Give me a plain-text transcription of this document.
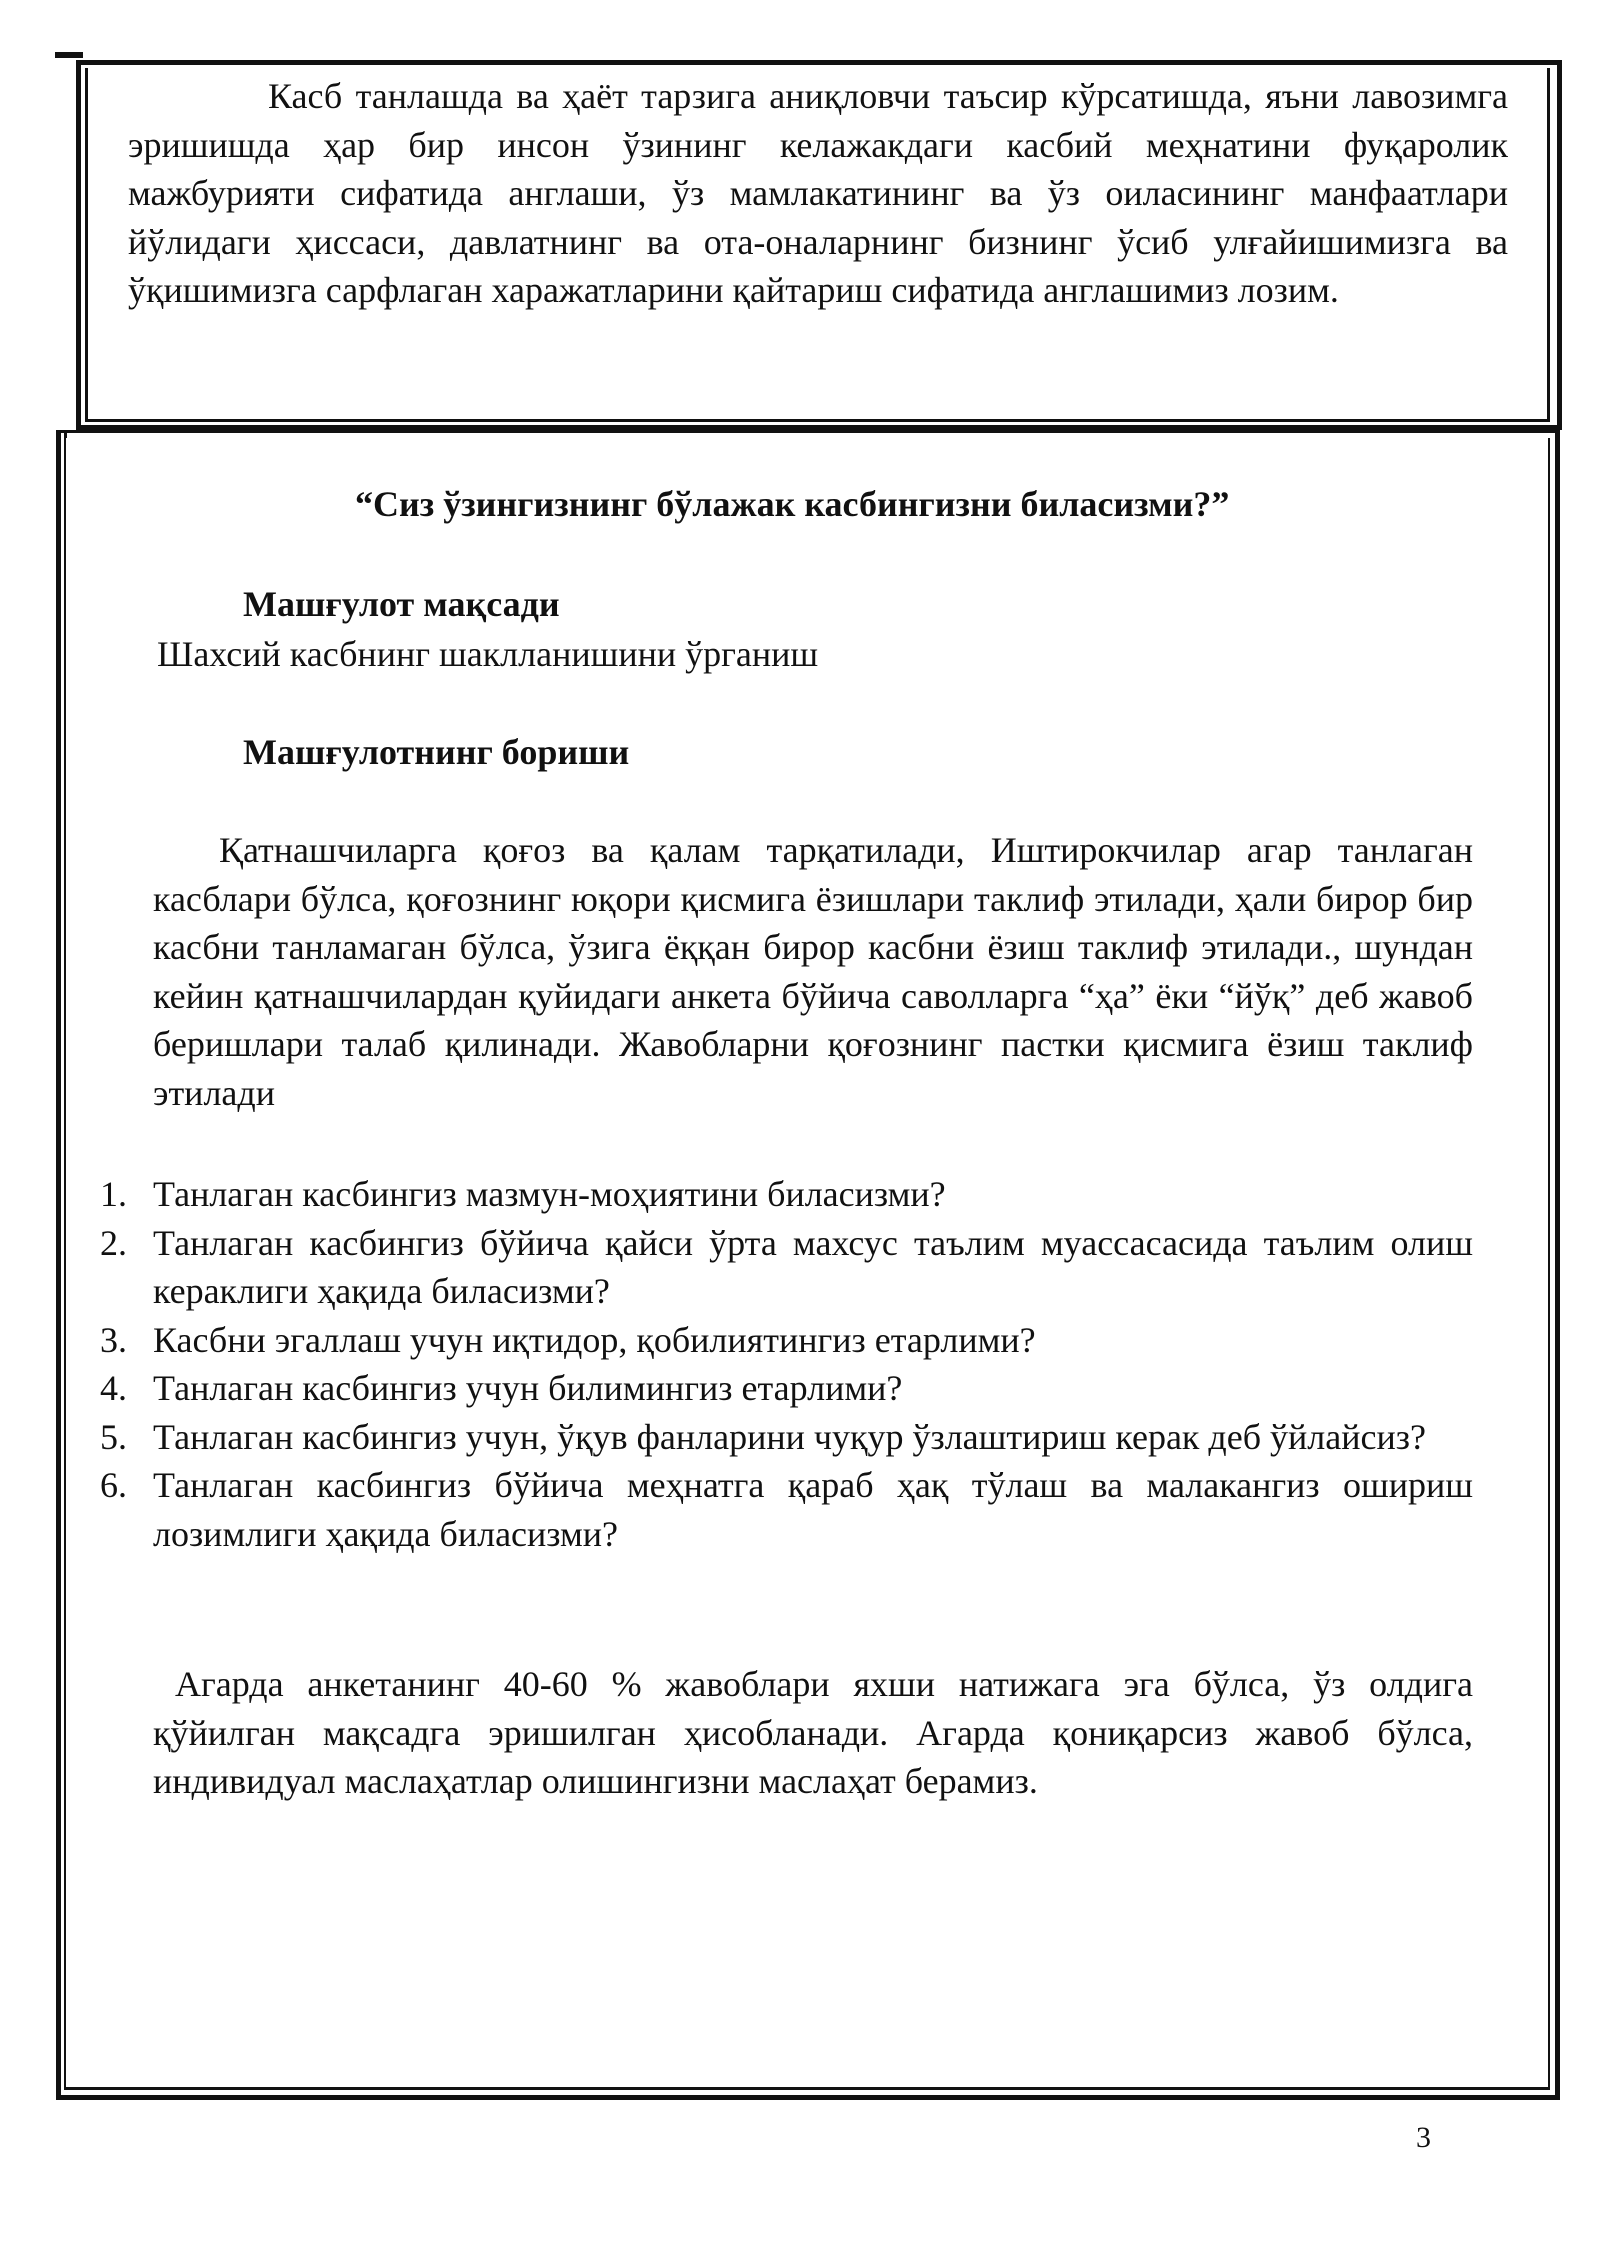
Касб танлашда ва ҳаёт тарзига аниқловчи таъсир кўрсатишда, яъни лавозимга эришишда ҳар бир инсон ўзининг келажакдаги касбий меҳнатини фуқаролик мажбурияти сифатида англаши, ўз мамлакатининг ва ўз оиласининг манфаатлари йўлидаги ҳиссаси, давлатнинг ва ота-оналарнинг бизнинг ўсиб улғайишимизга ва ўқишимизга сарфлаган харажатларини қайтариш сифатида англашимиз лозим.

“Сиз ўзингизнинг бўлажак касбингизни биласизми?”
Машғулот мақсади
Шахсий касбнинг шаклланишини ўрганиш
Машғулотнинг бориши

Қатнашчиларга қоғоз ва қалам тарқатилади, Иштирокчилар агар танлаган касблари бўлса, қоғознинг юқори қисмига ёзишлари таклиф этилади, ҳали бирор бир касбни танламаган бўлса, ўзига ёққан бирор касбни ёзиш таклиф этилади., шундан кейин қатнашчилардан қуйидаги анкета бўйича саволларга “ҳа” ёки “йўқ” деб жавоб беришлари талаб қилинади. Жавобларни қоғознинг пастки қисмига ёзиш таклиф этилади

1. Танлаган касбингиз мазмун-моҳиятини биласизми?
2. Танлаган касбингиз бўйича қайси ўрта махсус таълим муассасасида таълим олиш кераклиги ҳақида биласизми?
3. Касбни эгаллаш учун иқтидор, қобилиятингиз етарлими?
4. Танлаган касбингиз учун билимингиз етарлими?
5. Танлаган касбингиз учун, ўқув фанларини чуқур ўзлаштириш керак деб ўйлайсиз?
6. Танлаган касбингиз бўйича меҳнатга қараб ҳақ тўлаш ва малакангиз ошириш лозимлиги ҳақида биласизми?

Агарда анкетанинг 40-60 % жавоблари яхши натижага эга бўлса, ўз олдига қўйилган мақсадга эришилган ҳисобланади. Агарда қониқарсиз жавоб бўлса, индивидуал маслаҳатлар олишингизни маслаҳат берамиз.

3
